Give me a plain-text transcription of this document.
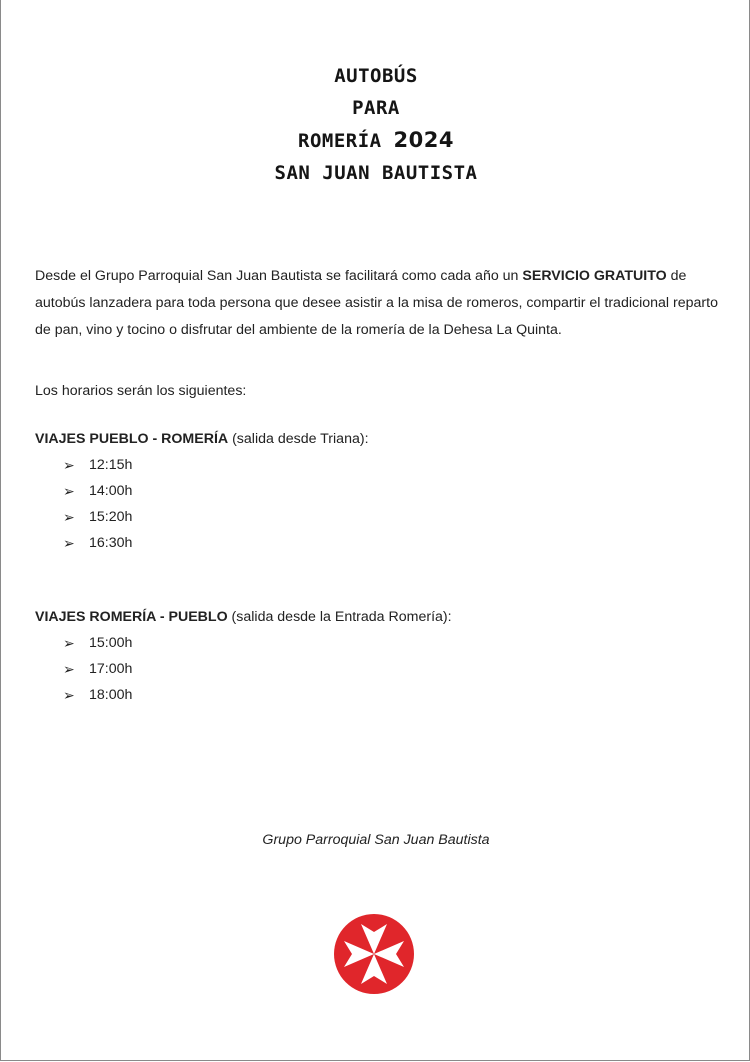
AUTOBÚS
PARA
ROMERÍA 2024
SAN JUAN BAUTISTA

Desde el Grupo Parroquial San Juan Bautista se facilitará como cada año un SERVICIO GRATUITO de autobús lanzadera para toda persona que desee asistir a la misa de romeros, compartir el tradicional reparto de pan, vino y tocino o disfrutar del ambiente de la romería de la Dehesa La Quinta.

Los horarios serán los siguientes:
VIAJES PUEBLO - ROMERÍA (salida desde Triana):
➢	12:15h
➢	14:00h
➢	15:20h
➢	16:30h
VIAJES ROMERÍA - PUEBLO (salida desde la Entrada Romería):
➢	15:00h
➢	17:00h
➢	18:00h
Grupo Parroquial San Juan Bautista
